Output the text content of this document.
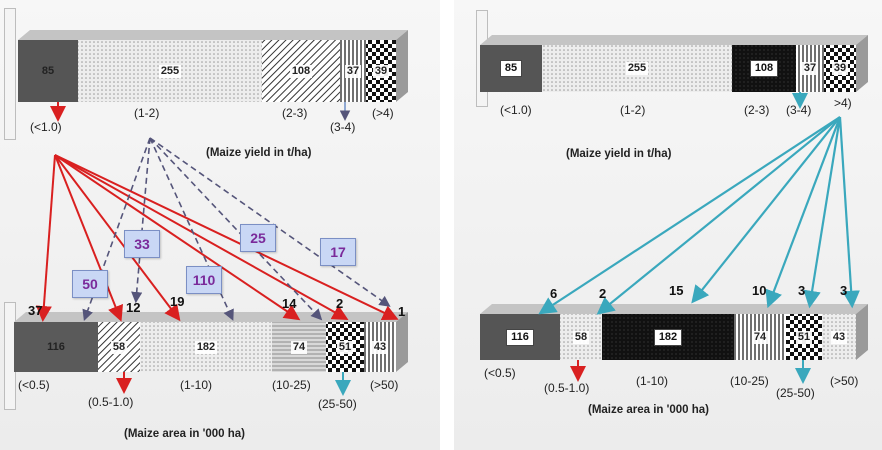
85	255	108	37 39
(<1.0)
(1-2)	(2-3)
(3-4)
(>4)
(Maize yield in t/ha)
50
33
110
25
17
37	12 19	14	2
1
116	58	182	74	51 43
(<0.5)
(0.5-1.0)
(1-10)	(10-25)
(25-50)
(>50)
(Maize area in '000 ha)
85	255	108	37 39
(<1.0)	(1-2)	(2-3) (3-4) >4)
(Maize yield in t/ha)
6	2	15	10 3	3
116	58	182	74	51 43
(<0.5)
(0.5-1.0)	(1-10)	(10-25)
(25-50)
(>50)
(Maize area in '000 ha)
